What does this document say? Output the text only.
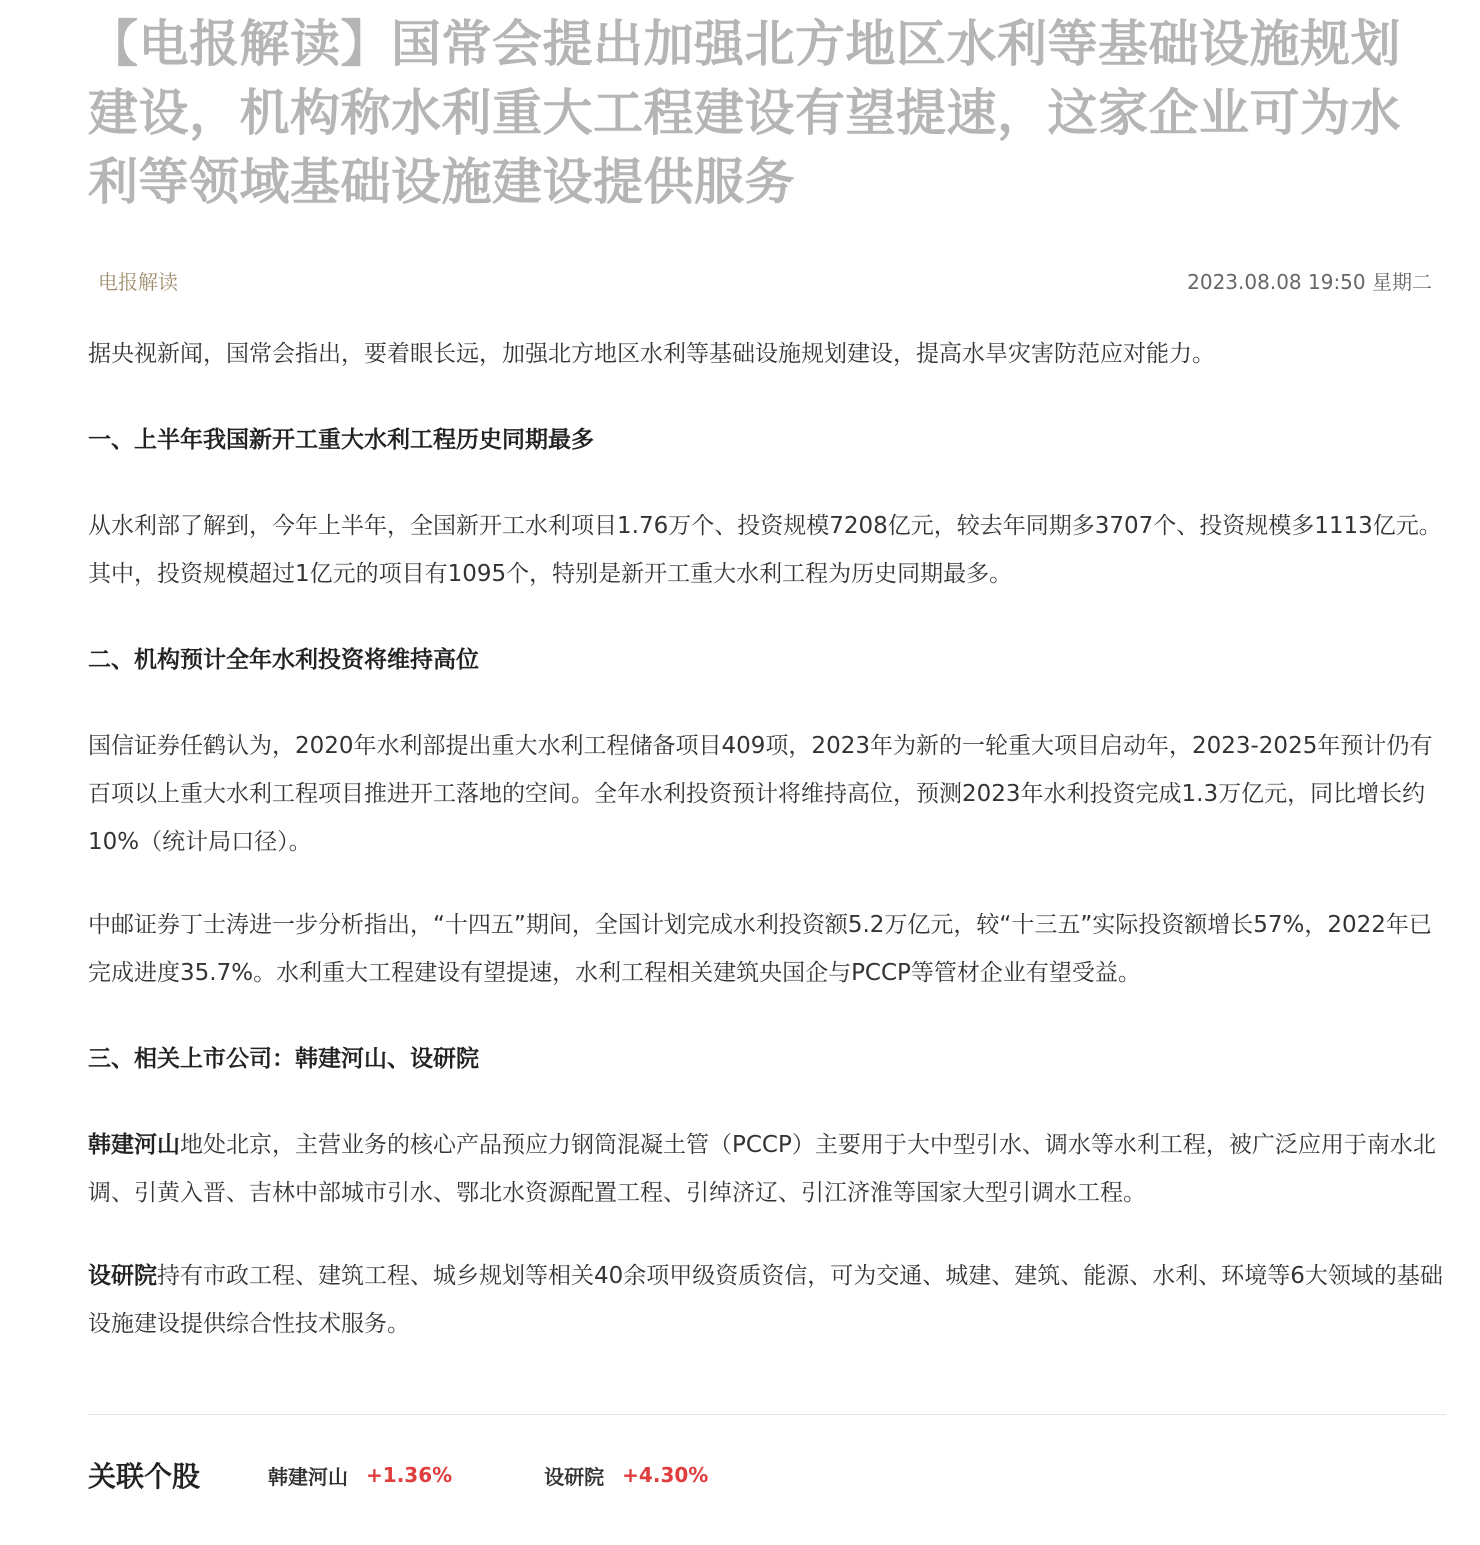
【电报解读】国常会提出加强北方地区水利等基础设施规划建设，机构称水利重大工程建设有望提速，这家企业可为水利等领域基础设施建设提供服务
电报解读	2023.08.08 19:50 星期二

据央视新闻，国常会指出，要着眼长远，加强北方地区水利等基础设施规划建设，提高水旱灾害防范应对能力。

一、上半年我国新开工重大水利工程历史同期最多

从水利部了解到，今年上半年，全国新开工水利项目1.76万个、投资规模7208亿元，较去年同期多3707个、投资规模多1113亿元。其中，投资规模超过1亿元的项目有1095个，特别是新开工重大水利工程为历史同期最多。

二、机构预计全年水利投资将维持高位

国信证券任鹤认为，2020年水利部提出重大水利工程储备项目409项，2023年为新的一轮重大项目启动年，2023-2025年预计仍有百项以上重大水利工程项目推进开工落地的空间。全年水利投资预计将维持高位，预测2023年水利投资完成1.3万亿元，同比增长约10%（统计局口径）。

中邮证券丁士涛进一步分析指出，“十四五”期间，全国计划完成水利投资额5.2万亿元，较“十三五”实际投资额增长57%，2022年已完成进度35.7%。水利重大工程建设有望提速，水利工程相关建筑央国企与PCCP等管材企业有望受益。

三、相关上市公司：韩建河山、设研院

韩建河山地处北京，主营业务的核心产品预应力钢筒混凝土管（PCCP）主要用于大中型引水、调水等水利工程，被广泛应用于南水北调、引黄入晋、吉林中部城市引水、鄂北水资源配置工程、引绰济辽、引江济淮等国家大型引调水工程。

设研院持有市政工程、建筑工程、城乡规划等相关40余项甲级资质资信，可为交通、城建、建筑、能源、水利、环境等6大领域的基础设施建设提供综合性技术服务。

关联个股	韩建河山 +1.36%	设研院 +4.30%
